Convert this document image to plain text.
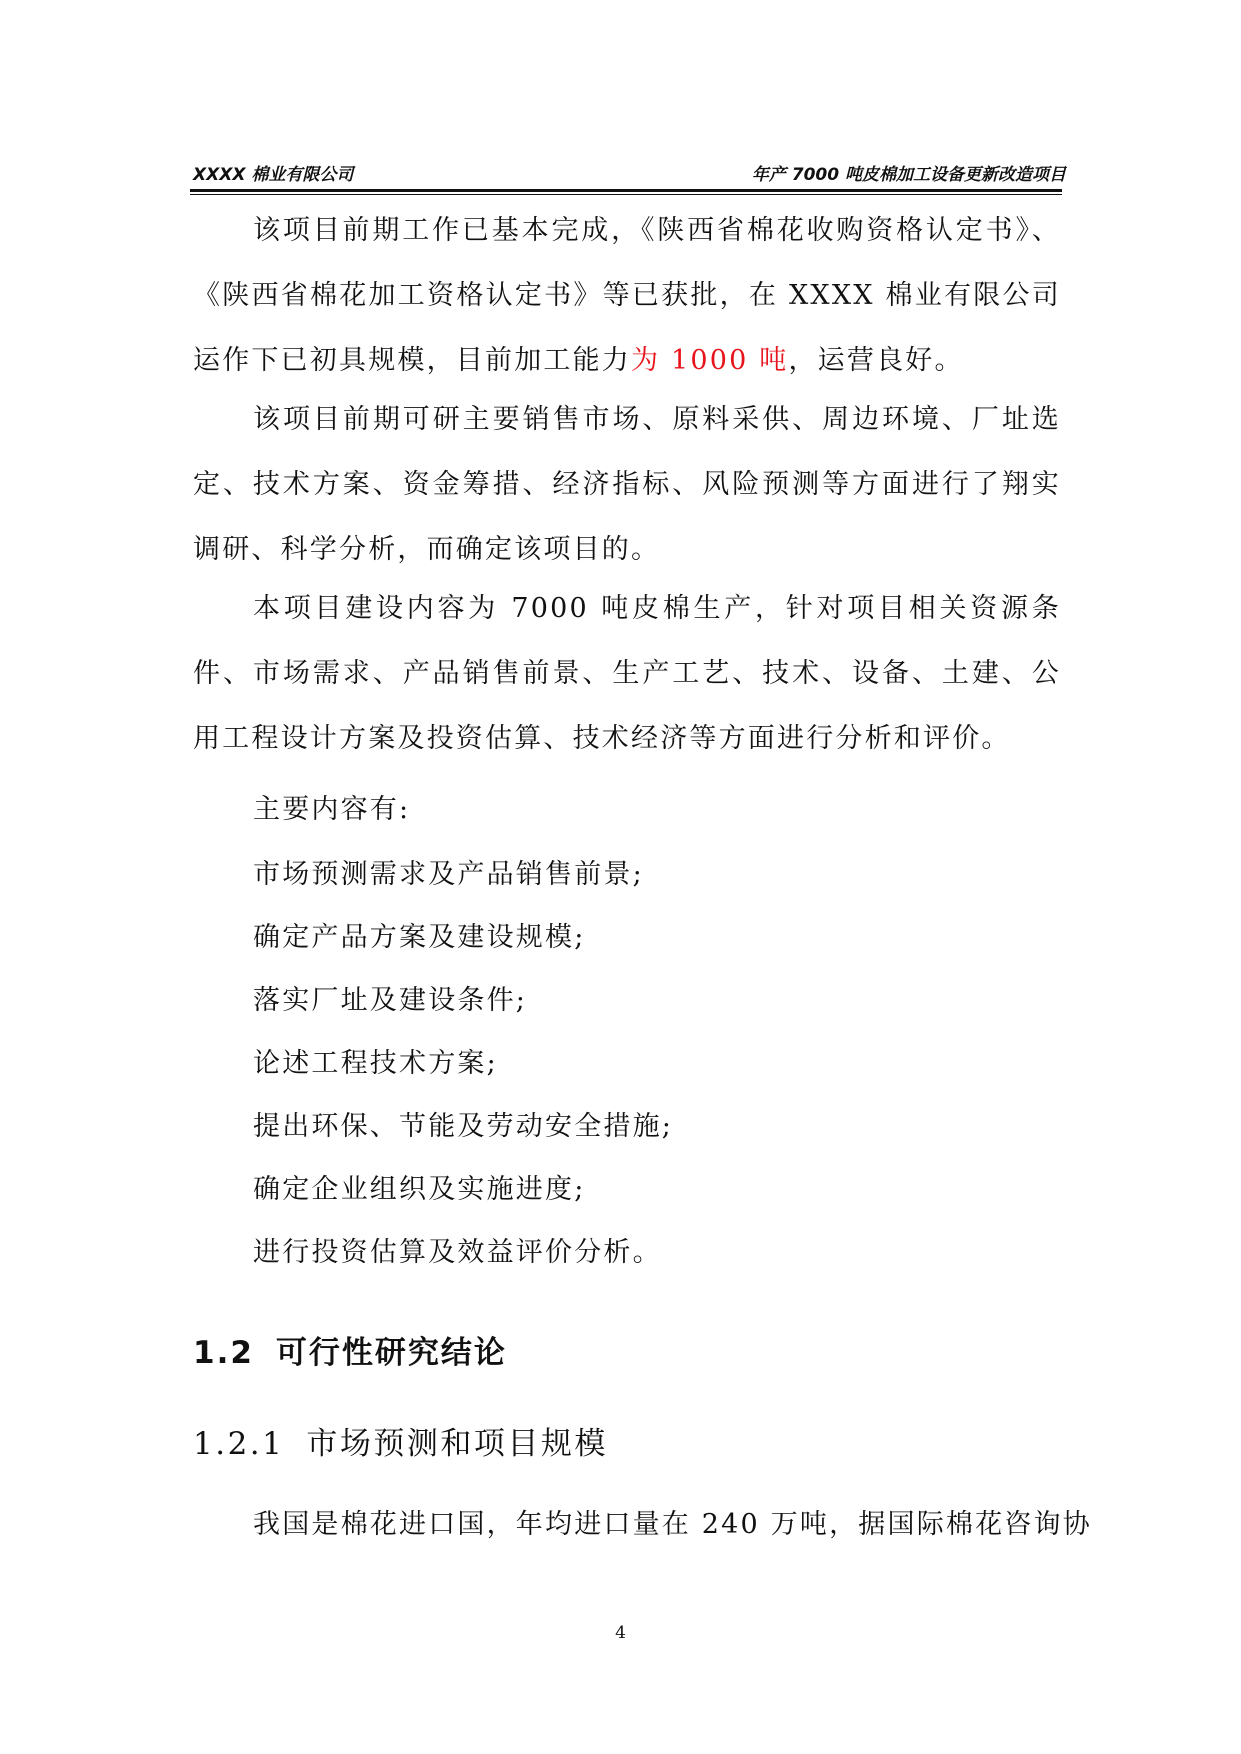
XXXX 棉业有限公司	年产 7000 吨皮棉加工设备更新改造项目

该项目前期工作已基本完成，《陕西省棉花收购资格认定书》、《陕西省棉花加工资格认定书》等已获批，在 XXXX 棉业有限公司运作下已初具规模，目前加工能力为 1000 吨，运营良好。

该项目前期可研主要销售市场、原料采供、周边环境、厂址选定、技术方案、资金筹措、经济指标、风险预测等方面进行了翔实调研、科学分析，而确定该项目的。

本项目建设内容为 7000 吨皮棉生产，针对项目相关资源条件、市场需求、产品销售前景、生产工艺、技术、设备、土建、公用工程设计方案及投资估算、技术经济等方面进行分析和评价。

主要内容有:
市场预测需求及产品销售前景;
确定产品方案及建设规模;
落实厂址及建设条件;
论述工程技术方案;
提出环保、节能及劳动安全措施;
确定企业组织及实施进度;
进行投资估算及效益评价分析。
1.2 可行性研究结论
1.2.1 市场预测和项目规模
我国是棉花进口国，年均进口量在 240 万吨，据国际棉花咨询协
4
